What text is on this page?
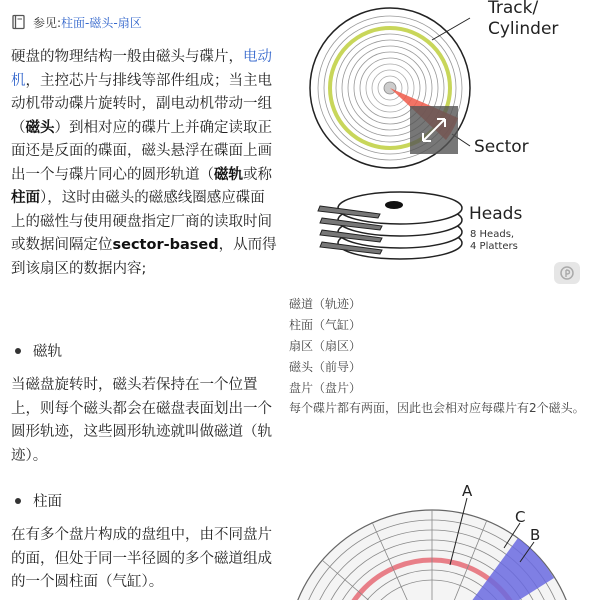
参见: 柱面-磁头-扇区
硬盘的物理结构一般由磁头与碟片，电动机，主控芯片与排线等部件组成；当主电动机带动碟片旋转时，副电动机带动一组（磁头）到相对应的碟片上并确定读取正面还是反面的碟面，磁头悬浮在碟面上画出一个与碟片同心的圆形轨道（磁轨或称柱面），这时由磁头的磁感线圈感应碟面上的磁性与使用硬盘指定厂商的读取时间或数据间隔定位sector-based，从而得到该扇区的数据内容;
磁轨
当磁盘旋转时，磁头若保持在一个位置上，则每个磁头都会在磁盘表面划出一个圆形轨迹，这些圆形轨迹就叫做磁道（轨迹）。
柱面
在有多个盘片构成的盘组中，由不同盘片的面，但处于同一半径圆的多个磁道组成的一个圆柱面（气缸）。
Track/
Cylinder
Sector
Heads
8 Heads,
4 Platters
磁道（轨迹）
柱面（气缸）
扇区（扇区）
磁头（前导）
盘片（盘片）
每个碟片都有两面，因此也会相对应每碟片有2个磁头。
A
C
B
